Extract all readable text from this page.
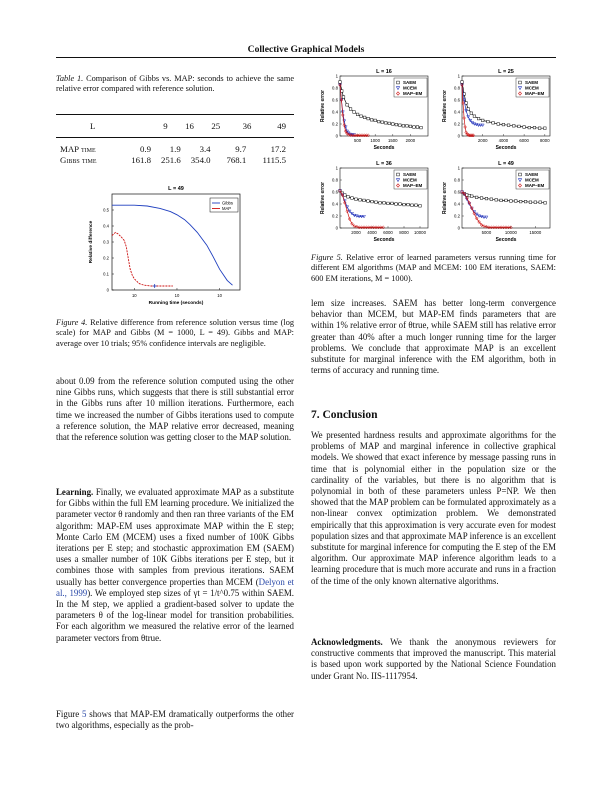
Collective Graphical Models

Table 1. Comparison of Gibbs vs. MAP: seconds to achieve the same relative error compared with reference solution.

L	9	16	25	36	49
MAP time	0.9	1.9	3.4	9.7	17.2
Gibbs time	161.8	251.6	354.0	768.1	1115.5
L = 49
Running time (seconds)
Relative difference
0.5
0.4
0.3
0.2
0.1
0
10	10	10
Gibbs
MAP

Figure 4. Relative difference from reference solution versus time (log scale) for MAP and Gibbs (M = 1000, L = 49). Gibbs and MAP: average over 10 trials; 95% confidence intervals are negligible.

about 0.09 from the reference solution computed using the other nine Gibbs runs, which suggests that there is still substantial error in the Gibbs runs after 10 million iterations. Furthermore, each time we increased the number of Gibbs iterations used to compute a reference solution, the MAP relative error decreased, meaning that the reference solution was getting closer to the MAP solution.

Learning. Finally, we evaluated approximate MAP as a substitute for Gibbs within the full EM learning procedure. We initialized the parameter vector θ randomly and then ran three variants of the EM algorithm: MAP-EM uses approximate MAP within the E step; Monte Carlo EM (MCEM) uses a fixed number of 100K Gibbs iterations per E step; and stochastic approximation EM (SAEM) uses a smaller number of 10K Gibbs iterations per E step, but it combines those with samples from previous iterations. SAEM usually has better convergence properties than MCEM (Delyon et al., 1999). We employed step sizes of γt = 1/t^0.75 within SAEM. In the M step, we applied a gradient-based solver to update the parameters θ of the log-linear model for transition probabilities. For each algorithm we measured the relative error of the learned parameter vectors from θtrue.

Figure 5 shows that MAP-EM dramatically outperforms the other two algorithms, especially as the prob-

L = 16
Seconds
Relative error
0
0.2
0.4
0.6
0.8
1
500 1000 1500 2000
SAEM
MCEM
MAP–EM
L = 25
Seconds
Relative error
0
0.2
0.4
0.6
0.8
1
2000	4000	6000	8000
SAEM
MCEM
MAP–EM
L = 36
Seconds
Relative error
0
0.2
0.4
0.6
0.8
1
2000 4000 6000 8000 10000
SAEM
MCEM
MAP–EM
L = 49
Seconds
Relative error
0
0.2
0.4
0.6
0.8
1
5000	10000	15000
SAEM
MCEM
MAP–EM

Figure 5. Relative error of learned parameters versus running time for different EM algorithms (MAP and MCEM: 100 EM iterations, SAEM: 600 EM iterations, M = 1000).

lem size increases. SAEM has better long-term convergence behavior than MCEM, but MAP-EM finds parameters that are within 1% relative error of θtrue, while SAEM still has relative error greater than 40% after a much longer running time for the larger problems. We conclude that approximate MAP is an excellent substitute for marginal inference with the EM algorithm, both in terms of accuracy and running time.

7. Conclusion

We presented hardness results and approximate algorithms for the problems of MAP and marginal inference in collective graphical models. We showed that exact inference by message passing runs in time that is polynomial either in the population size or the cardinality of the variables, but there is no algorithm that is polynomial in both of these parameters unless P=NP. We then showed that the MAP problem can be formulated approximately as a non-linear convex optimization problem. We demonstrated empirically that this approximation is very accurate even for modest population sizes and that approximate MAP inference is an excellent substitute for marginal inference for computing the E step of the EM algorithm. Our approximate MAP inference algorithm leads to a learning procedure that is much more accurate and runs in a fraction of the time of the only known alternative algorithms.

Acknowledgments. We thank the anonymous reviewers for constructive comments that improved the manuscript. This material is based upon work supported by the National Science Foundation under Grant No. IIS-1117954.
